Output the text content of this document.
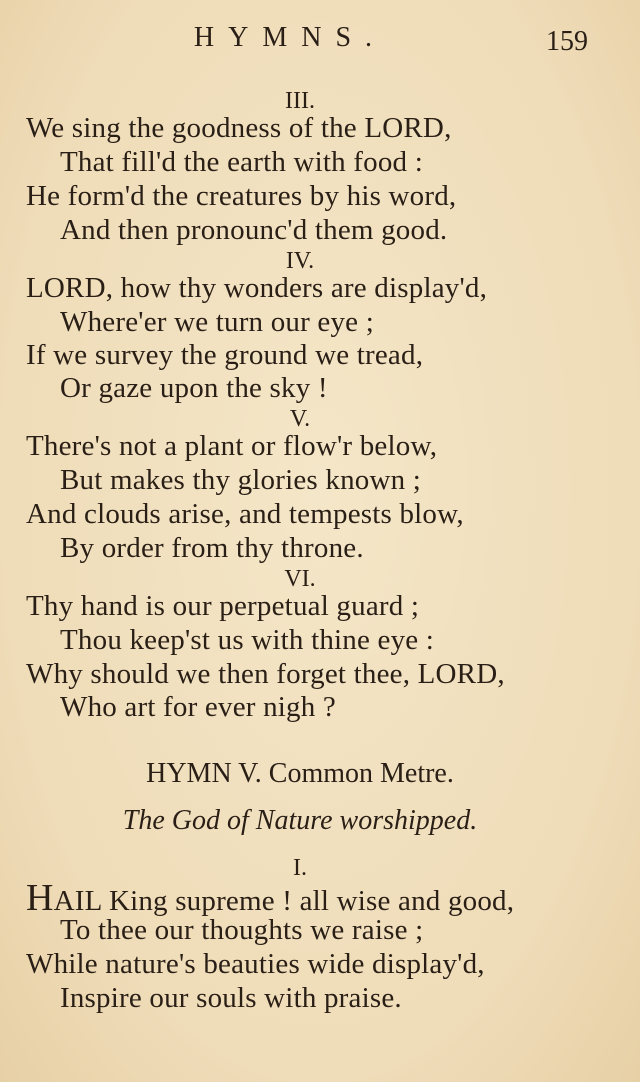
HYMNS.	159
III.
We sing the goodness of the LORD,
That fill'd the earth with food :
He form'd the creatures by his word,
And then pronounc'd them good.
IV.
LORD, how thy wonders are display'd,
Where'er we turn our eye ;
If we survey the ground we tread,
Or gaze upon the sky !
V.
There's not a plant or flow'r below,
But makes thy glories known ;
And clouds arise, and tempests blow,
By order from thy throne.
VI.
Thy hand is our perpetual guard ;
Thou keep'st us with thine eye :
Why should we then forget thee, LORD,
Who art for ever nigh ?
HYMN V. Common Metre.
The God of Nature worshipped.
I.
HAIL King supreme ! all wise and good,
To thee our thoughts we raise ;
While nature's beauties wide display'd,
Inspire our souls with praise.
